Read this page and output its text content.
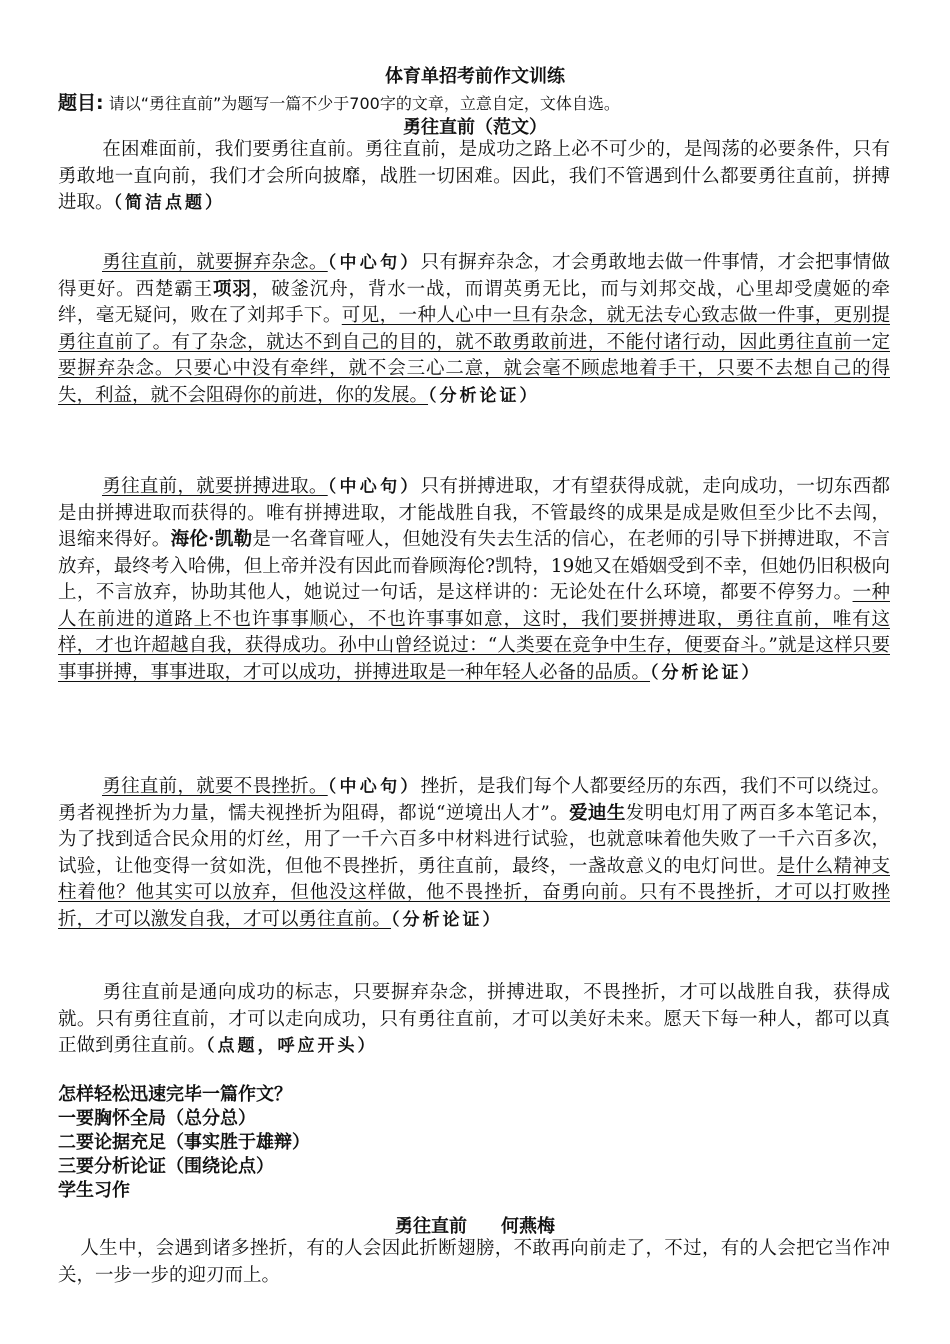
体育单招考前作文训练
题目: 请以“勇往直前”为题写一篇不少于700字的文章，立意自定，文体自选。
勇往直前（范文）

在困难面前，我们要勇往直前。勇往直前，是成功之路上必不可少的，是闯荡的必要条件，只有勇敢地一直向前，我们才会所向披靡，战胜一切困难。因此，我们不管遇到什么都要勇往直前，拼搏进取。（简洁点题）

勇往直前，就要摒弃杂念。（中心句）只有摒弃杂念，才会勇敢地去做一件事情，才会把事情做得更好。西楚霸王项羽，破釜沉舟，背水一战，而谓英勇无比，而与刘邦交战，心里却受虞姬的牵绊，毫无疑问，败在了刘邦手下。可见，一种人心中一旦有杂念，就无法专心致志做一件事，更别提勇往直前了。有了杂念，就达不到自己的目的，就不敢勇敢前进，不能付诸行动，因此勇往直前一定要摒弃杂念。只要心中没有牵绊，就不会三心二意，就会毫不顾虑地着手干，只要不去想自己的得失，利益，就不会阻碍你的前进，你的发展。（分析论证）

勇往直前，就要拼搏进取。（中心句）只有拼搏进取，才有望获得成就，走向成功，一切东西都是由拼搏进取而获得的。唯有拼搏进取，才能战胜自我，不管最终的成果是成是败但至少比不去闯，退缩来得好。海伦·凯勒是一名聋盲哑人，但她没有失去生活的信心，在老师的引导下拼搏进取，不言放弃，最终考入哈佛，但上帝并没有因此而眷顾海伦?凯特，19她又在婚姻受到不幸，但她仍旧积极向上，不言放弃，协助其他人，她说过一句话，是这样讲的：无论处在什么环境，都要不停努力。一种人在前进的道路上不也许事事顺心，不也许事事如意，这时，我们要拼搏进取，勇往直前，唯有这样，才也许超越自我，获得成功。孙中山曾经说过：“人类要在竞争中生存，便要奋斗。”就是这样只要事事拼搏，事事进取，才可以成功，拼搏进取是一种年轻人必备的品质。（分析论证）

勇往直前，就要不畏挫折。（中心句）挫折，是我们每个人都要经历的东西，我们不可以绕过。勇者视挫折为力量，懦夫视挫折为阻碍，都说“逆境出人才”。爱迪生发明电灯用了两百多本笔记本，为了找到适合民众用的灯丝，用了一千六百多中材料进行试验，也就意味着他失败了一千六百多次，试验，让他变得一贫如洗，但他不畏挫折，勇往直前，最终，一盏故意义的电灯问世。是什么精神支柱着他？他其实可以放弃，但他没这样做，他不畏挫折，奋勇向前。只有不畏挫折，才可以打败挫折，才可以激发自我，才可以勇往直前。（分析论证）

勇往直前是通向成功的标志，只要摒弃杂念，拼搏进取，不畏挫折，才可以战胜自我，获得成就。只有勇往直前，才可以走向成功，只有勇往直前，才可以美好未来。愿天下每一种人，都可以真正做到勇往直前。（点题，呼应开头）

怎样轻松迅速完毕一篇作文？
一要胸怀全局（总分总）
二要论据充足（事实胜于雄辩）
三要分析论证（围绕论点）
学生习作
勇往直前 何燕梅

人生中，会遇到诸多挫折，有的人会因此折断翅膀，不敢再向前走了，不过，有的人会把它当作冲关，一步一步的迎刃而上。
